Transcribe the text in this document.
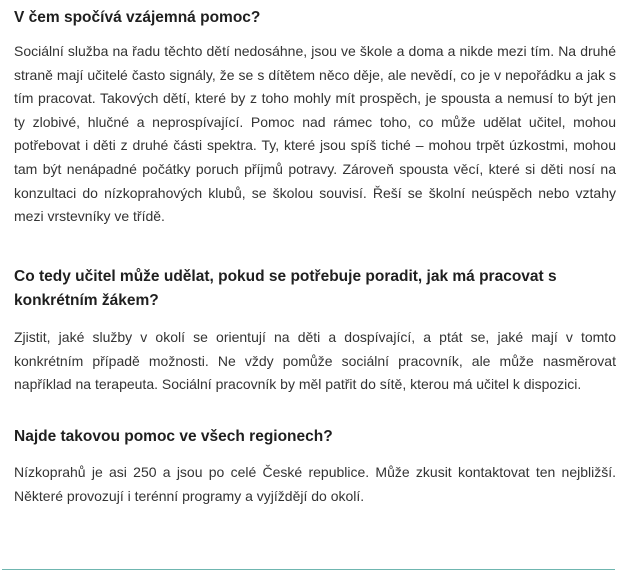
V čem spočívá vzájemná pomoc?

Sociální služba na řadu těchto dětí nedosáhne, jsou ve škole a doma a nikde mezi tím. Na druhé straně mají učitelé často signály, že se s dítětem něco děje, ale nevědí, co je v nepořádku a jak s tím pracovat. Takových dětí, které by z toho mohly mít prospěch, je spousta a nemusí to být jen ty zlobivé, hlučné a neprospívající. Pomoc nad rámec toho, co může udělat učitel, mohou potřebovat i děti z druhé části spektra. Ty, které jsou spíš tiché – mohou trpět úzkostmi, mohou tam být nenápadné počátky poruch příjmů potravy. Zároveň spousta věcí, které si děti nosí na konzultaci do nízkoprahových klubů, se školou souvisí. Řeší se školní neúspěch nebo vztahy mezi vrstevníky ve třídě.

Co tedy učitel může udělat, pokud se potřebuje poradit, jak má pracovat s konkrétním žákem?

Zjistit, jaké služby v okolí se orientují na děti a dospívající, a ptát se, jaké mají v tomto konkrétním případě možnosti. Ne vždy pomůže sociální pracovník, ale může nasměrovat například na terapeuta. Sociální pracovník by měl patřit do sítě, kterou má učitel k dispozici.

Najde takovou pomoc ve všech regionech?

Nízkoprahů je asi 250 a jsou po celé České republice. Může zkusit kontaktovat ten nejbližší. Některé provozují i terénní programy a vyjíždějí do okolí.
